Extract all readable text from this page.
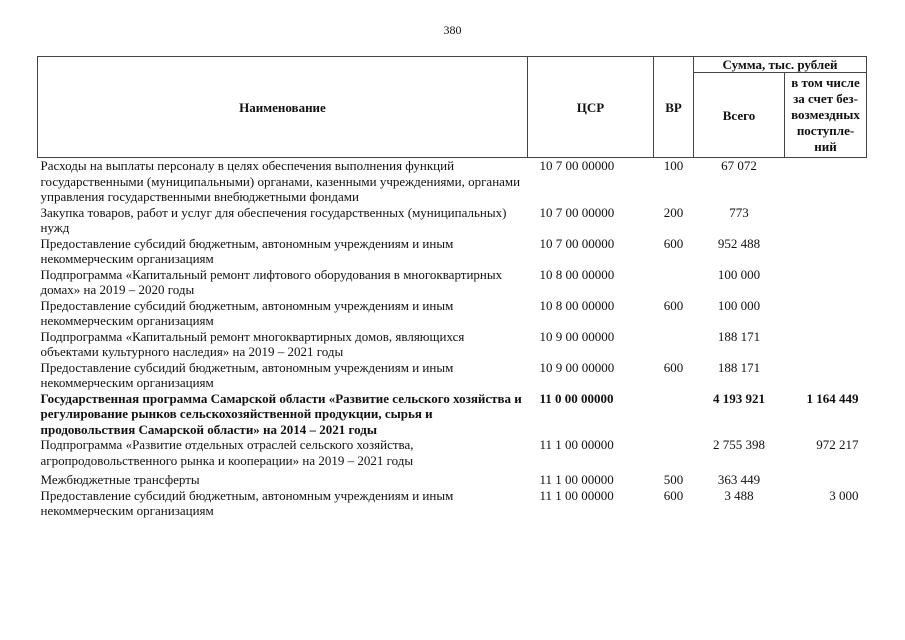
380
Наименование	ЦСР	ВР	Сумма, тыс. рублей	
			Всего	в том числе за счет без-возмездных поступле-ний
Расходы на выплаты персоналу в целях обеспечения выполнения функций государственными (муниципальными) органами, казенными учреждениями, органами управления государственными внебюджетными фондами	10 7 00 00000	100	67 072	
Закупка товаров, работ и услуг для обеспечения государственных (муниципальных) нужд	10 7 00 00000	200	773	
Предоставление субсидий бюджетным, автономным учреждениям и иным некоммерческим организациям	10 7 00 00000	600	952 488	
Подпрограмма «Капитальный ремонт лифтового оборудования в многоквартирных домах» на 2019 – 2020 годы	10 8 00 00000		100 000	
Предоставление субсидий бюджетным, автономным учреждениям и иным некоммерческим организациям	10 8 00 00000	600	100 000	
Подпрограмма «Капитальный ремонт многоквартирных домов, являющихся объектами культурного наследия» на 2019 – 2021 годы	10 9 00 00000		188 171	
Предоставление субсидий бюджетным, автономным учреждениям и иным некоммерческим организациям	10 9 00 00000	600	188 171	
Государственная программа Самарской области «Развитие сельского хозяйства и регулирование рынков сельскохозяйственной продукции, сырья и продовольствия Самарской области» на 2014 – 2021 годы	11 0 00 00000		4 193 921	1 164 449
Подпрограмма «Развитие отдельных отраслей сельского хозяйства, агропродовольственного рынка и кооперации» на 2019 – 2021 годы	11 1 00 00000		2 755 398	972 217
Межбюджетные трансферты	11 1 00 00000	500	363 449	
Предоставление субсидий бюджетным, автономным учреждениям и иным некоммерческим организациям	11 1 00 00000	600	3 488	3 000
